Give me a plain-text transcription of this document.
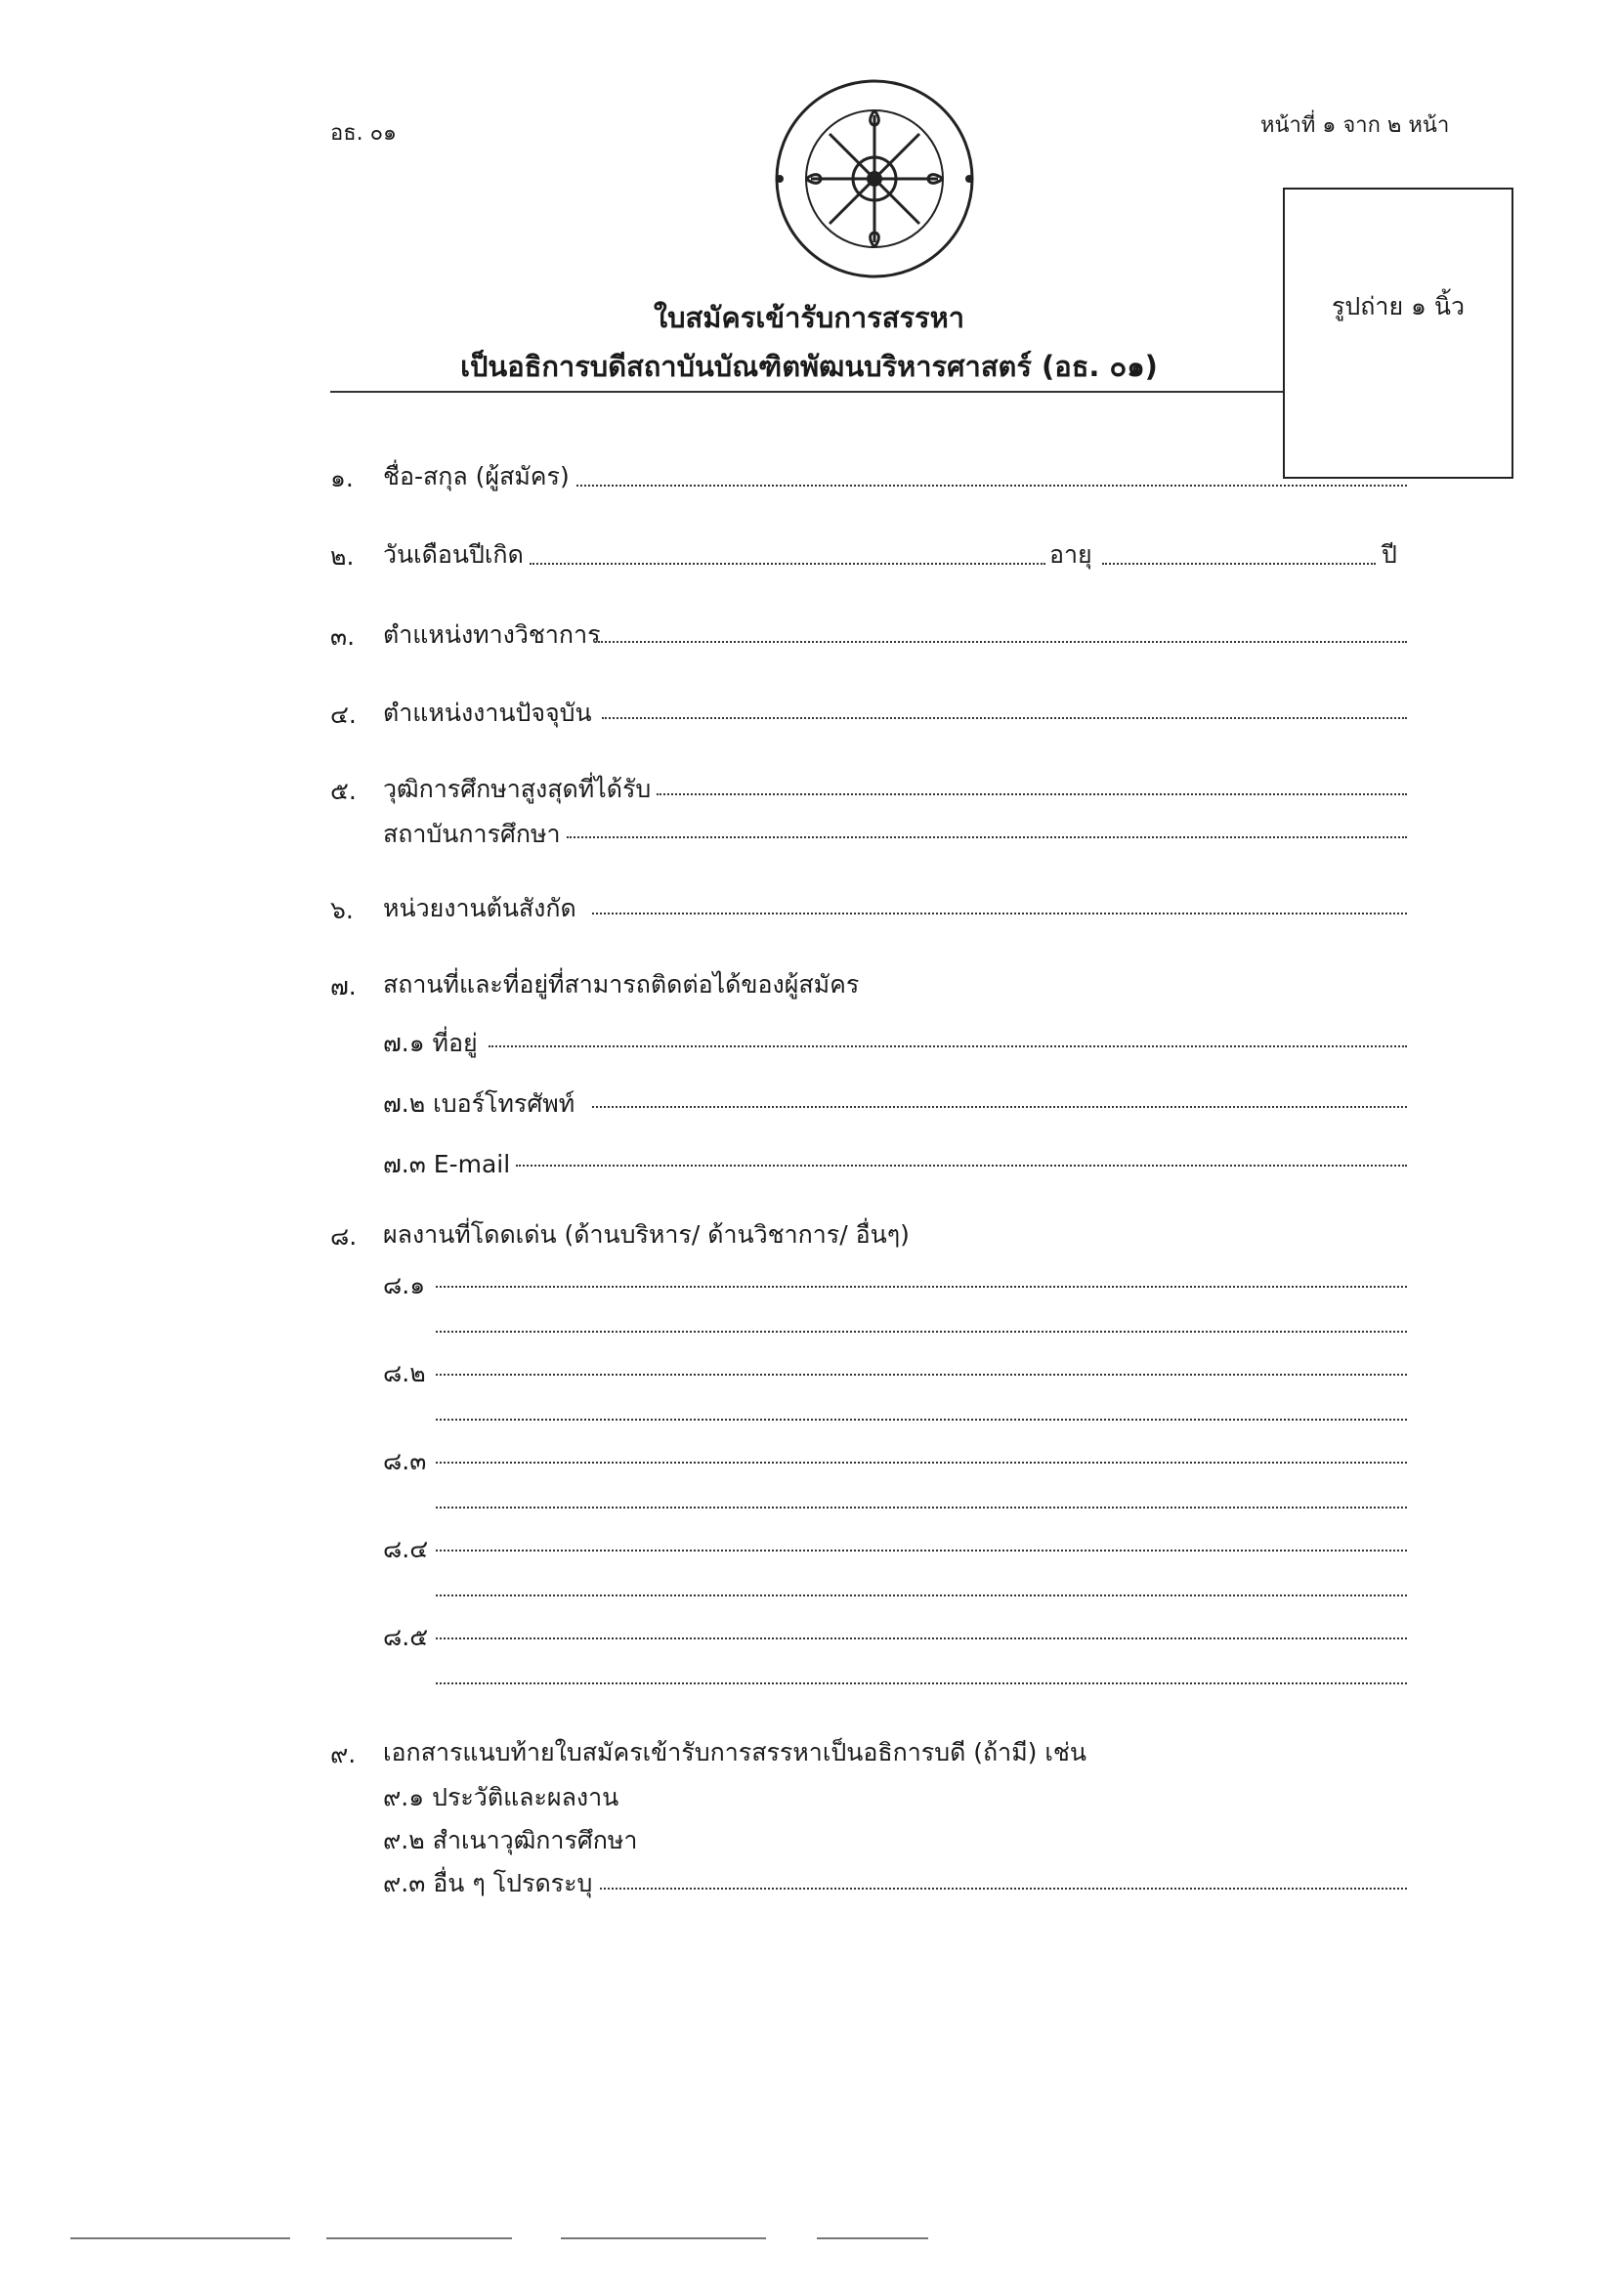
อธ. ๐๑	หน้าที่ ๑ จาก ๒ หน้า
รูปถ่าย ๑ นิ้ว
ใบสมัครเข้ารับการสรรหา
เป็นอธิการบดีสถาบันบัณฑิตพัฒนบริหารศาสตร์ (อธ. ๐๑)
๑. ชื่อ-สกุล (ผู้สมัคร)
๒. วันเดือนปีเกิด	อายุ	ปี
๓. ตำแหน่งทางวิชาการ
๔. ตำแหน่งงานปัจจุบัน
๕. วุฒิการศึกษาสูงสุดที่ได้รับ
สถาบันการศึกษา
๖. หน่วยงานต้นสังกัด
๗. สถานที่และที่อยู่ที่สามารถติดต่อได้ของผู้สมัคร
๗.๑ ที่อยู่
๗.๒ เบอร์โทรศัพท์
๗.๓ E-mail
๘. ผลงานที่โดดเด่น (ด้านบริหาร/ ด้านวิชาการ/ อื่นๆ)
๘.๑
๘.๒
๘.๓
๘.๔
๘.๕
๙. เอกสารแนบท้ายใบสมัครเข้ารับการสรรหาเป็นอธิการบดี (ถ้ามี) เช่น
๙.๑ ประวัติและผลงาน
๙.๒ สำเนาวุฒิการศึกษา
๙.๓ อื่น ๆ โปรดระบุ
